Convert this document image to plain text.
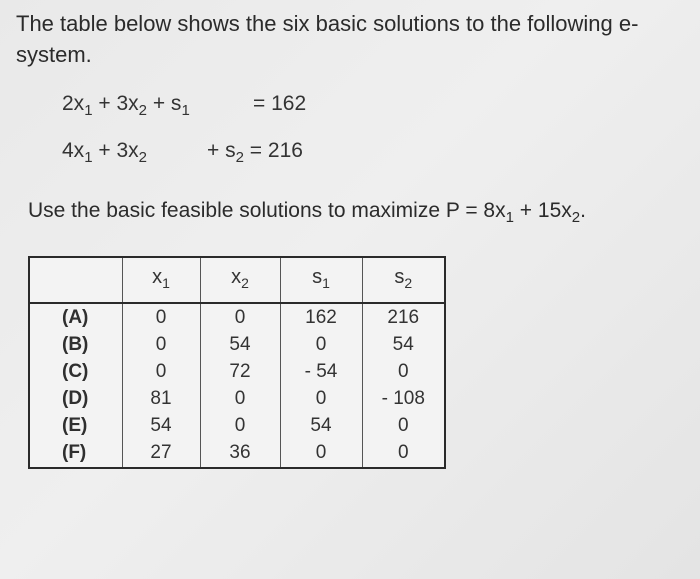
The table below shows the six basic solutions to the following e-system.
$2x_1 + 3x_2 + s_1$	= 162
$4x_1 + 3x_2$	+ $s_2 = 216$
Use the basic feasible solutions to maximize $P = 8x_1 + 15x_2$.
	$x_1$	$x_2$	$s_1$	$s_2$
(A)	0	0	162	216
(B)	0	54	0	54
(C)	0	72	- 54	0
(D)	81	0	0	- 108
(E)	54	0	54	0
(F)	27	36	0	0
